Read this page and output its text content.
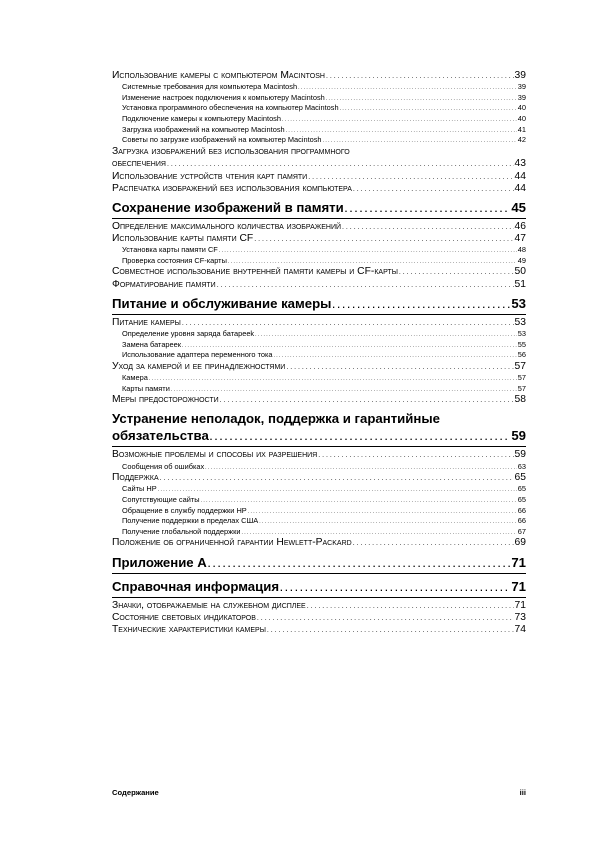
Использование камеры с компьютером Macintosh . . .	39
Системные требования для компьютера Macintosh . . .	39
Изменение настроек подключения к компьютеру Macintosh . . .	39
Установка программного обеспечения на компьютер Macintosh . . .	40
Подключение камеры к компьютеру Macintosh . . .	40
Загрузка изображений на компьютер Macintosh . . .	41
Советы по загрузке изображений на компьютер Macintosh . . .	42
Загрузка изображений без использования программного
обеспечения . . .	43
Использование устройств чтения карт памяти . . .	44
Распечатка изображений без использования компьютера . . .	44
Сохранение изображений в памяти . . .	45
Определение максимального количества изображений . . .	46
Использование карты памяти CF . . .	47
Установка карты памяти CF . . .	48
Проверка состояния CF-карты . . .	49
Совместное использование внутренней памяти камеры и CF-карты . . .	50
Форматирование памяти . . .	51
Питание и обслуживание камеры . . .	53
Питание камеры . . .	53
Определение уровня заряда батарееk . . .	53
Замена батареек . . .	55
Использование адаптера переменного тока . . .	56
Уход за камерой и ее принадлежностями . . .	57
Камера . . .	57
Карты памяти . . .	57
Меры предосторожности . . .	58
Устранение неполадок, поддержка и гарантийные
обязательства . . .	59
Возможные проблемы и способы их разрешения . . .	59
Сообщения об ошибках . . .	63
Поддержка . . .	65
Сайты HP . . .	65
Сопутствующие сайты . . .	65
Обращение в службу поддержки HP . . .	66
Получение поддержки в пределах США . . .	66
Получение глобальной поддержки . . .	67
Положение об ограниченной гарантии Hewlett-Packard . . .	69
Приложение A . . .	71
Справочная информация . . .	71
Значки, отображаемые на служебном дисплее . . .	71
Состояние световых индикаторов . . .	73
Технические характеристики камеры . . .	74
Содержание	iii
